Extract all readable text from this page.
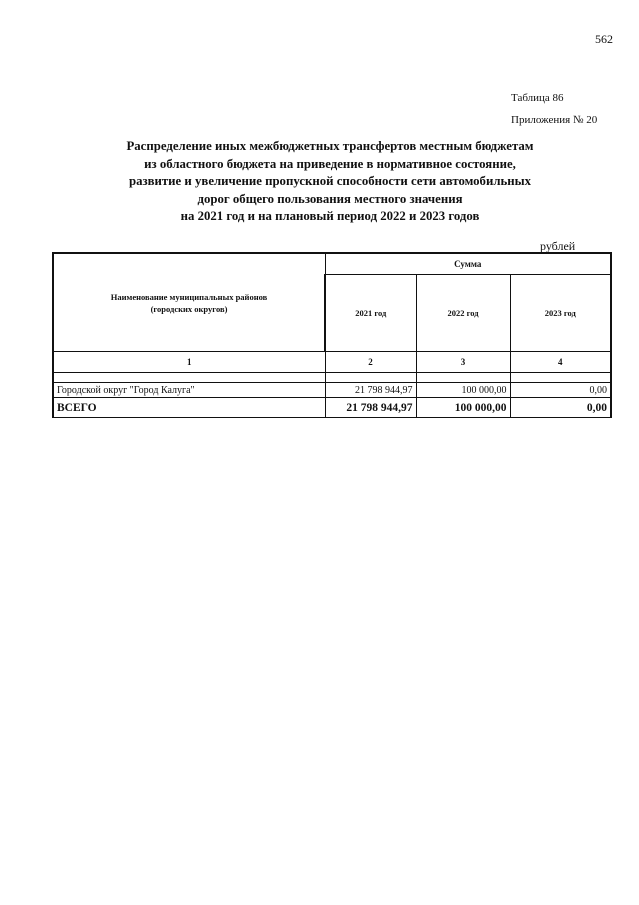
562
Таблица 86
Приложения № 20
Распределение иных межбюджетных трансфертов местным бюджетам
из областного бюджета на приведение в нормативное состояние,
развитие и увеличение пропускной способности сети автомобильных
дорог общего пользования местного значения
на 2021 год и на плановый период 2022 и 2023 годов
рублей
Наименование муниципальных районов
(городских округов)	Сумма		
	2021 год	2022 год	2023 год
1	2	3	4

Городской округ "Город Калуга"	21 798 944,97	100 000,00	0,00
ВСЕГО	21 798 944,97	100 000,00	0,00
